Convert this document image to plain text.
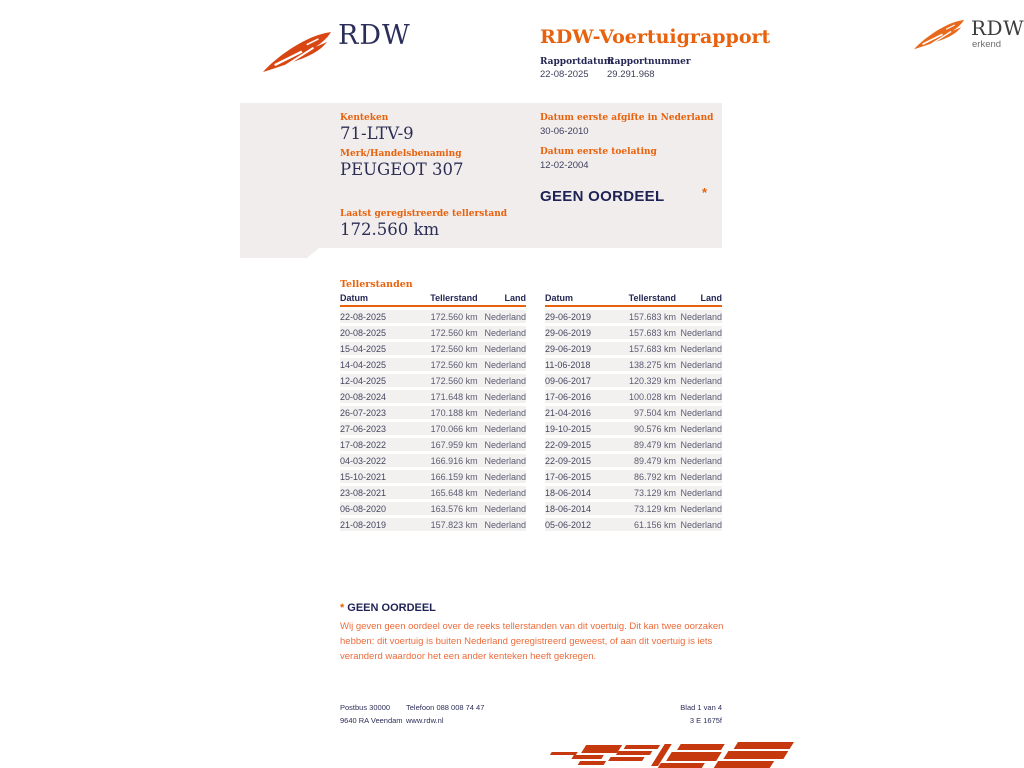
RDW	RDW-Voertuigrapport
Rapportdatum
22-08-2025
Rapportnummer
29.291.968
RDW
erkend
Kenteken
71-LTV-9
Merk/Handelsbenaming
PEUGEOT 307
Laatst geregistreerde tellerstand
172.560 km
Datum eerste afgifte in Nederland
30-06-2010
Datum eerste toelating
12-02-2004
GEEN OORDEEL	*
Tellerstanden
Datum	Tellerstand	Land
22-08-2025	172.560 km	Nederland
20-08-2025	172.560 km	Nederland
15-04-2025	172.560 km	Nederland
14-04-2025	172.560 km	Nederland
12-04-2025	172.560 km	Nederland
20-08-2024	171.648 km	Nederland
26-07-2023	170.188 km	Nederland
27-06-2023	170.066 km	Nederland
17-08-2022	167.959 km	Nederland
04-03-2022	166.916 km	Nederland
15-10-2021	166.159 km	Nederland
23-08-2021	165.648 km	Nederland
06-08-2020	163.576 km	Nederland
21-08-2019	157.823 km	Nederland
Datum	Tellerstand	Land
29-06-2019	157.683 km	Nederland
29-06-2019	157.683 km	Nederland
29-06-2019	157.683 km	Nederland
11-06-2018	138.275 km	Nederland
09-06-2017	120.329 km	Nederland
17-06-2016	100.028 km	Nederland
21-04-2016	97.504 km	Nederland
19-10-2015	90.576 km	Nederland
22-09-2015	89.479 km	Nederland
22-09-2015	89.479 km	Nederland
17-06-2015	86.792 km	Nederland
18-06-2014	73.129 km	Nederland
18-06-2014	73.129 km	Nederland
05-06-2012	61.156 km	Nederland
* GEEN OORDEEL
Wij geven geen oordeel over de reeks tellerstanden van dit voertuig. Dit kan twee oorzaken hebben: dit voertuig is buiten Nederland geregistreerd geweest, of aan dit voertuig is iets veranderd waardoor het een ander kenteken heeft gekregen.
Postbus 30000
9640 RA Veendam
Telefoon 088 008 74 47
www.rdw.nl
Blad 1 van 4
3 E 1675f
